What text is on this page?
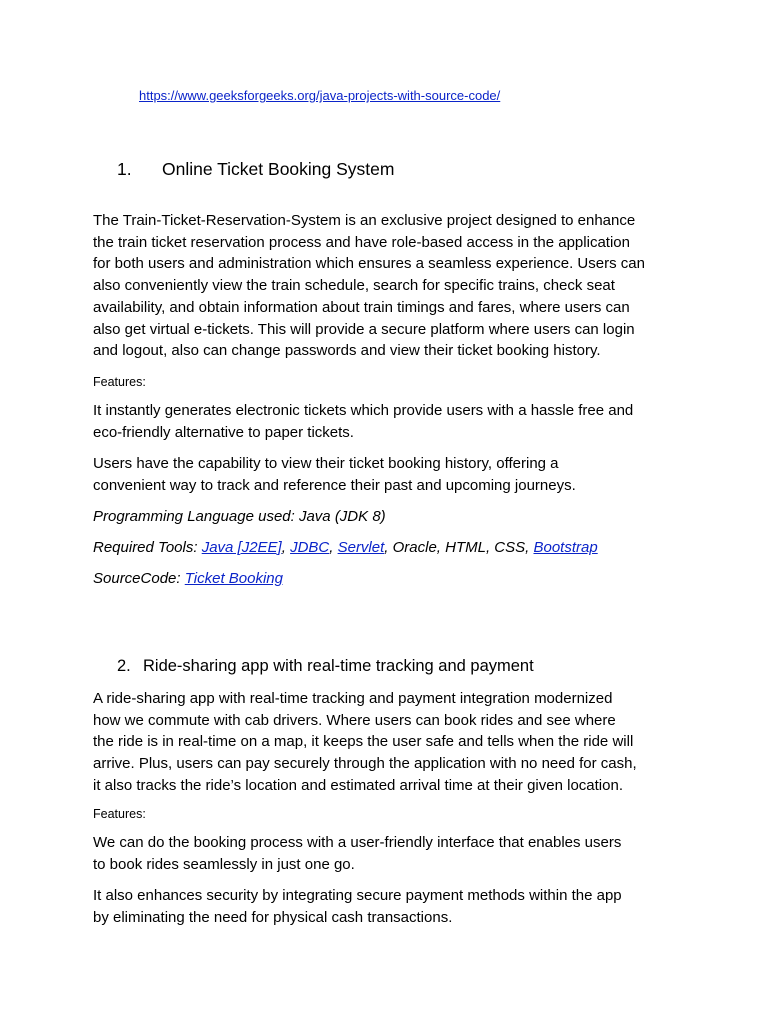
https://www.geeksforgeeks.org/java-projects-with-source-code/
1. Online Ticket Booking System

The Train-Ticket-Reservation-System is an exclusive project designed to enhance
the train ticket reservation process and have role-based access in the application
for both users and administration which ensures a seamless experience. Users can
also conveniently view the train schedule, search for specific trains, check seat
availability, and obtain information about train timings and fares, where users can
also get virtual e-tickets. This will provide a secure platform where users can login
and logout, also can change passwords and view their ticket booking history.

Features:

It instantly generates electronic tickets which provide users with a hassle free and
eco-friendly alternative to paper tickets.

Users have the capability to view their ticket booking history, offering a
convenient way to track and reference their past and upcoming journeys.

Programming Language used: Java (JDK 8)

Required Tools: Java [J2EE], JDBC, Servlet, Oracle, HTML, CSS, Bootstrap

SourceCode: Ticket Booking

2. Ride-sharing app with real-time tracking and payment

A ride-sharing app with real-time tracking and payment integration modernized
how we commute with cab drivers. Where users can book rides and see where
the ride is in real-time on a map, it keeps the user safe and tells when the ride will
arrive. Plus, users can pay securely through the application with no need for cash,
it also tracks the ride’s location and estimated arrival time at their given location.

Features:

We can do the booking process with a user-friendly interface that enables users
to book rides seamlessly in just one go.

It also enhances security by integrating secure payment methods within the app
by eliminating the need for physical cash transactions.
